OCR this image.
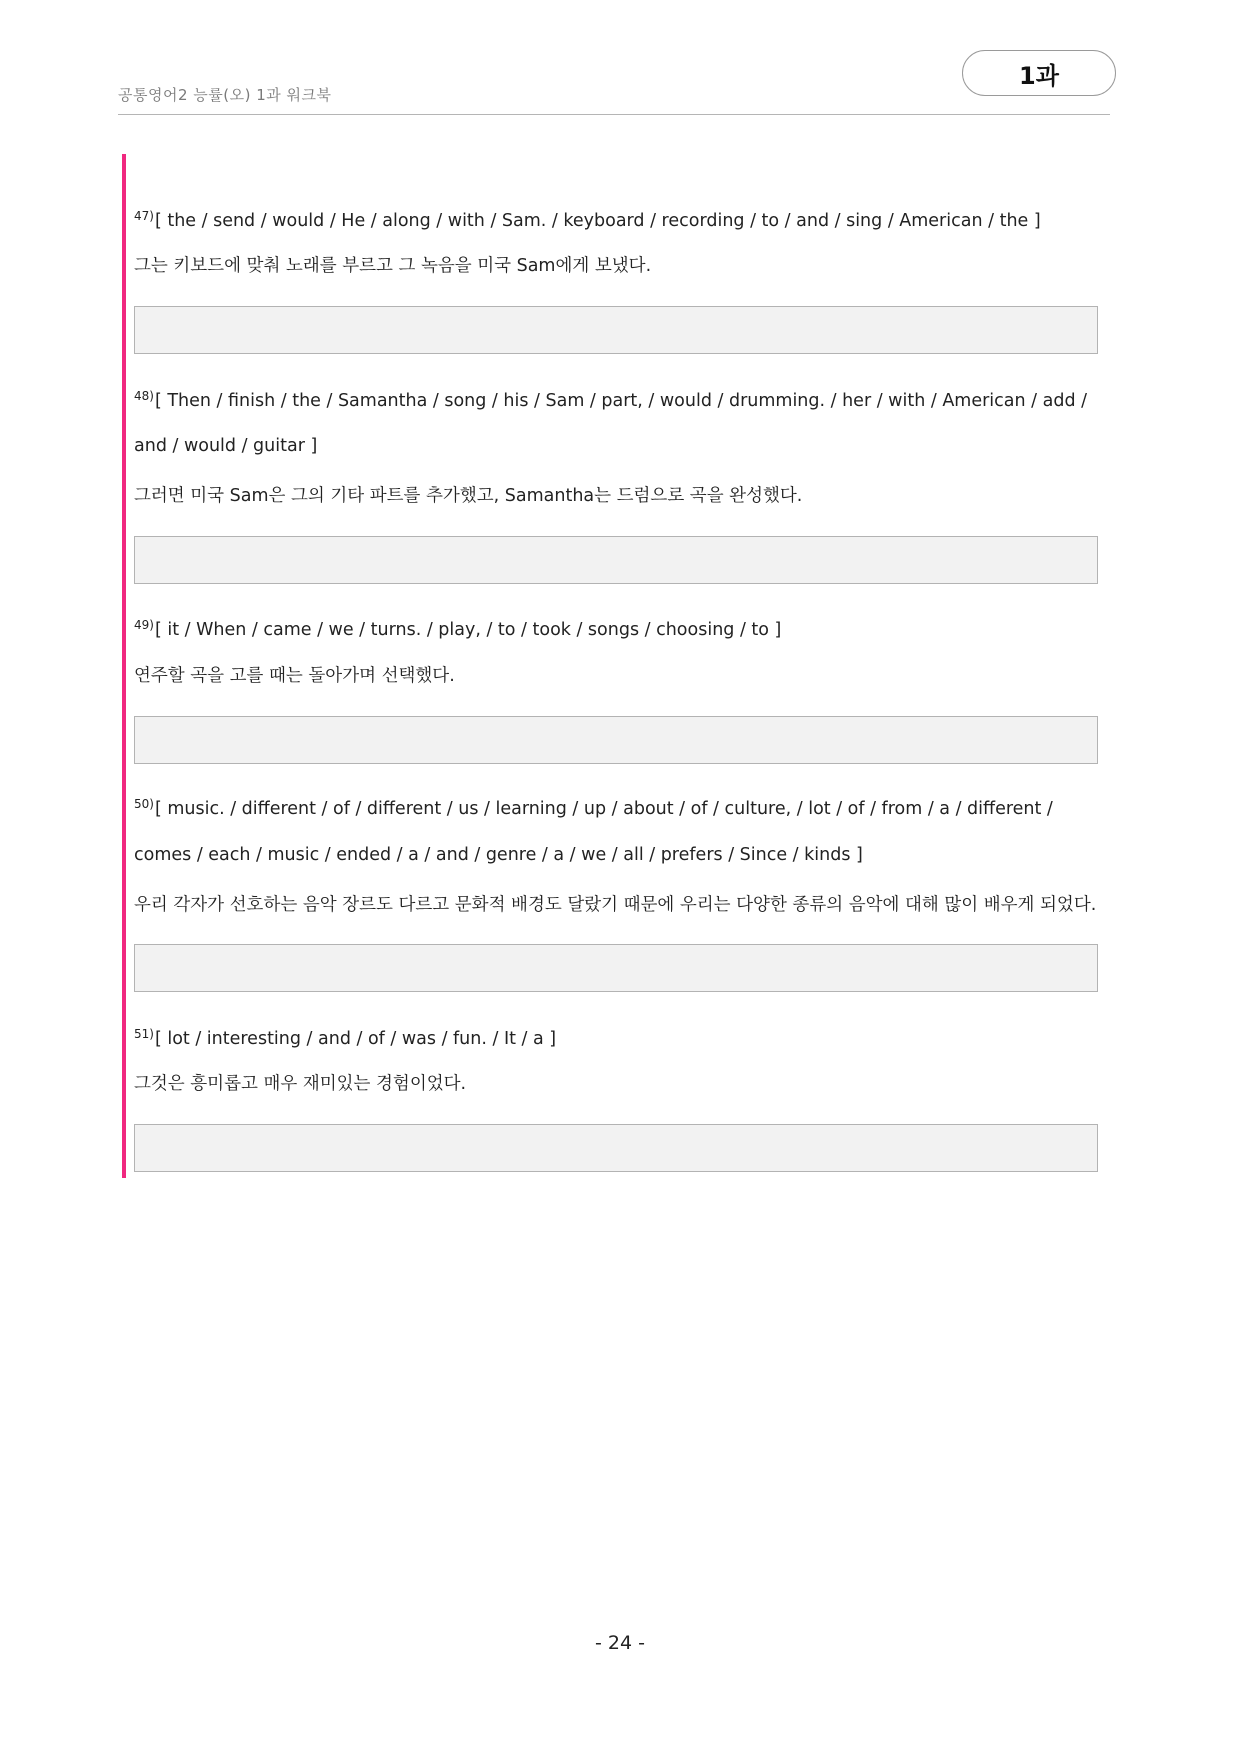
공통영어2 능률(오) 1과 워크북
1과
$^{47)}$[ the / send / would / He / along / with / Sam. / keyboard / recording / to / and / sing / American / the ]
그는 키보드에 맞춰 노래를 부르고 그 녹음을 미국 Sam에게 보냈다.
$^{48)}$[ Then / finish / the / Samantha / song / his / Sam / part, / would / drumming. / her / with / American / add /
and / would / guitar ]
그러면 미국 Sam은 그의 기타 파트를 추가했고, Samantha는 드럼으로 곡을 완성했다.
$^{49)}$[ it / When / came / we / turns. / play, / to / took / songs / choosing / to ]
연주할 곡을 고를 때는 돌아가며 선택했다.
$^{50)}$[ music. / different / of / different / us / learning / up / about / of / culture, / lot / of / from / a / different /
comes / each / music / ended / a / and / genre / a / we / all / prefers / Since / kinds ]
우리 각자가 선호하는 음악 장르도 다르고 문화적 배경도 달랐기 때문에 우리는 다양한 종류의 음악에 대해 많이 배우게 되었다.
$^{51)}$[ lot / interesting / and / of / was / fun. / It / a ]
그것은 흥미롭고 매우 재미있는 경험이었다.
- 24 -
